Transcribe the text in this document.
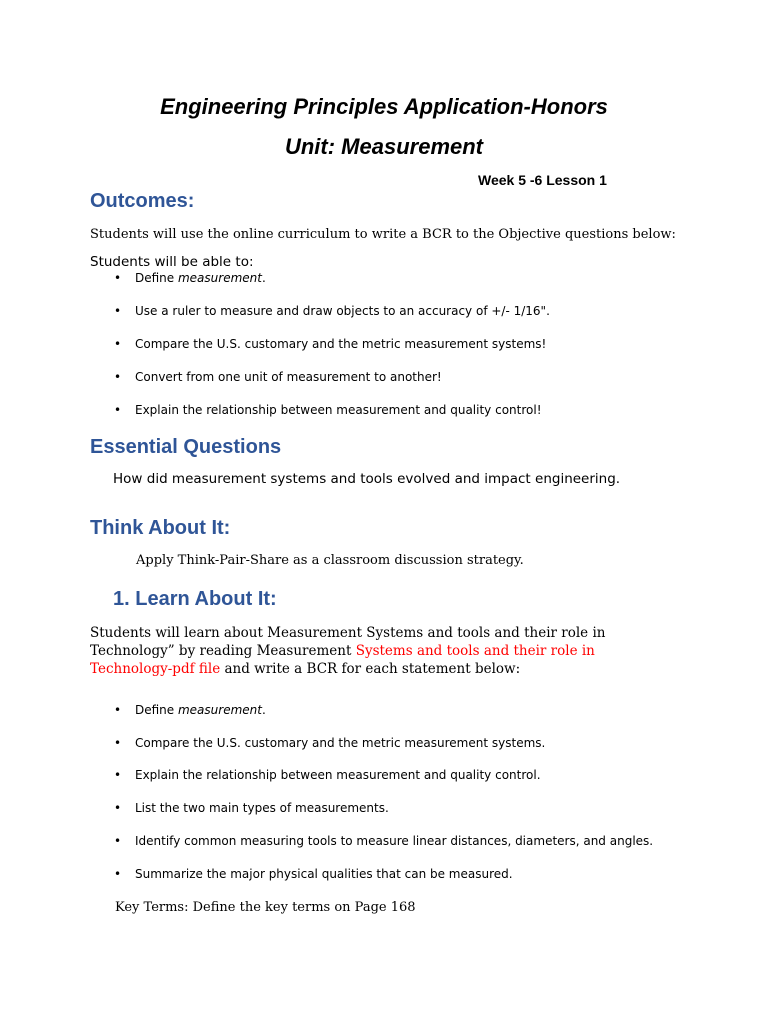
Engineering Principles Application-Honors
Unit: Measurement
Week 5 -6 Lesson 1
Outcomes:

Students will use the online curriculum to write a BCR to the Objective questions below:

Students will be able to:

• Define measurement.
• Use a ruler to measure and draw objects to an accuracy of +/- 1/16".
• Compare the U.S. customary and the metric measurement systems!
• Convert from one unit of measurement to another!
• Explain the relationship between measurement and quality control!
Essential Questions

How did measurement systems and tools evolved and impact engineering.

Think About It:

Apply Think-Pair-Share as a classroom discussion strategy.

1. Learn About It:

Students will learn about Measurement Systems and tools and their role in Technology” by reading Measurement Systems and tools and their role in Technology-pdf file and write a BCR for each statement below:

• Define measurement.
• Compare the U.S. customary and the metric measurement systems.
• Explain the relationship between measurement and quality control.
• List the two main types of measurements.
• Identify common measuring tools to measure linear distances, diameters, and angles.
• Summarize the major physical qualities that can be measured.

Key Terms: Define the key terms on Page 168
